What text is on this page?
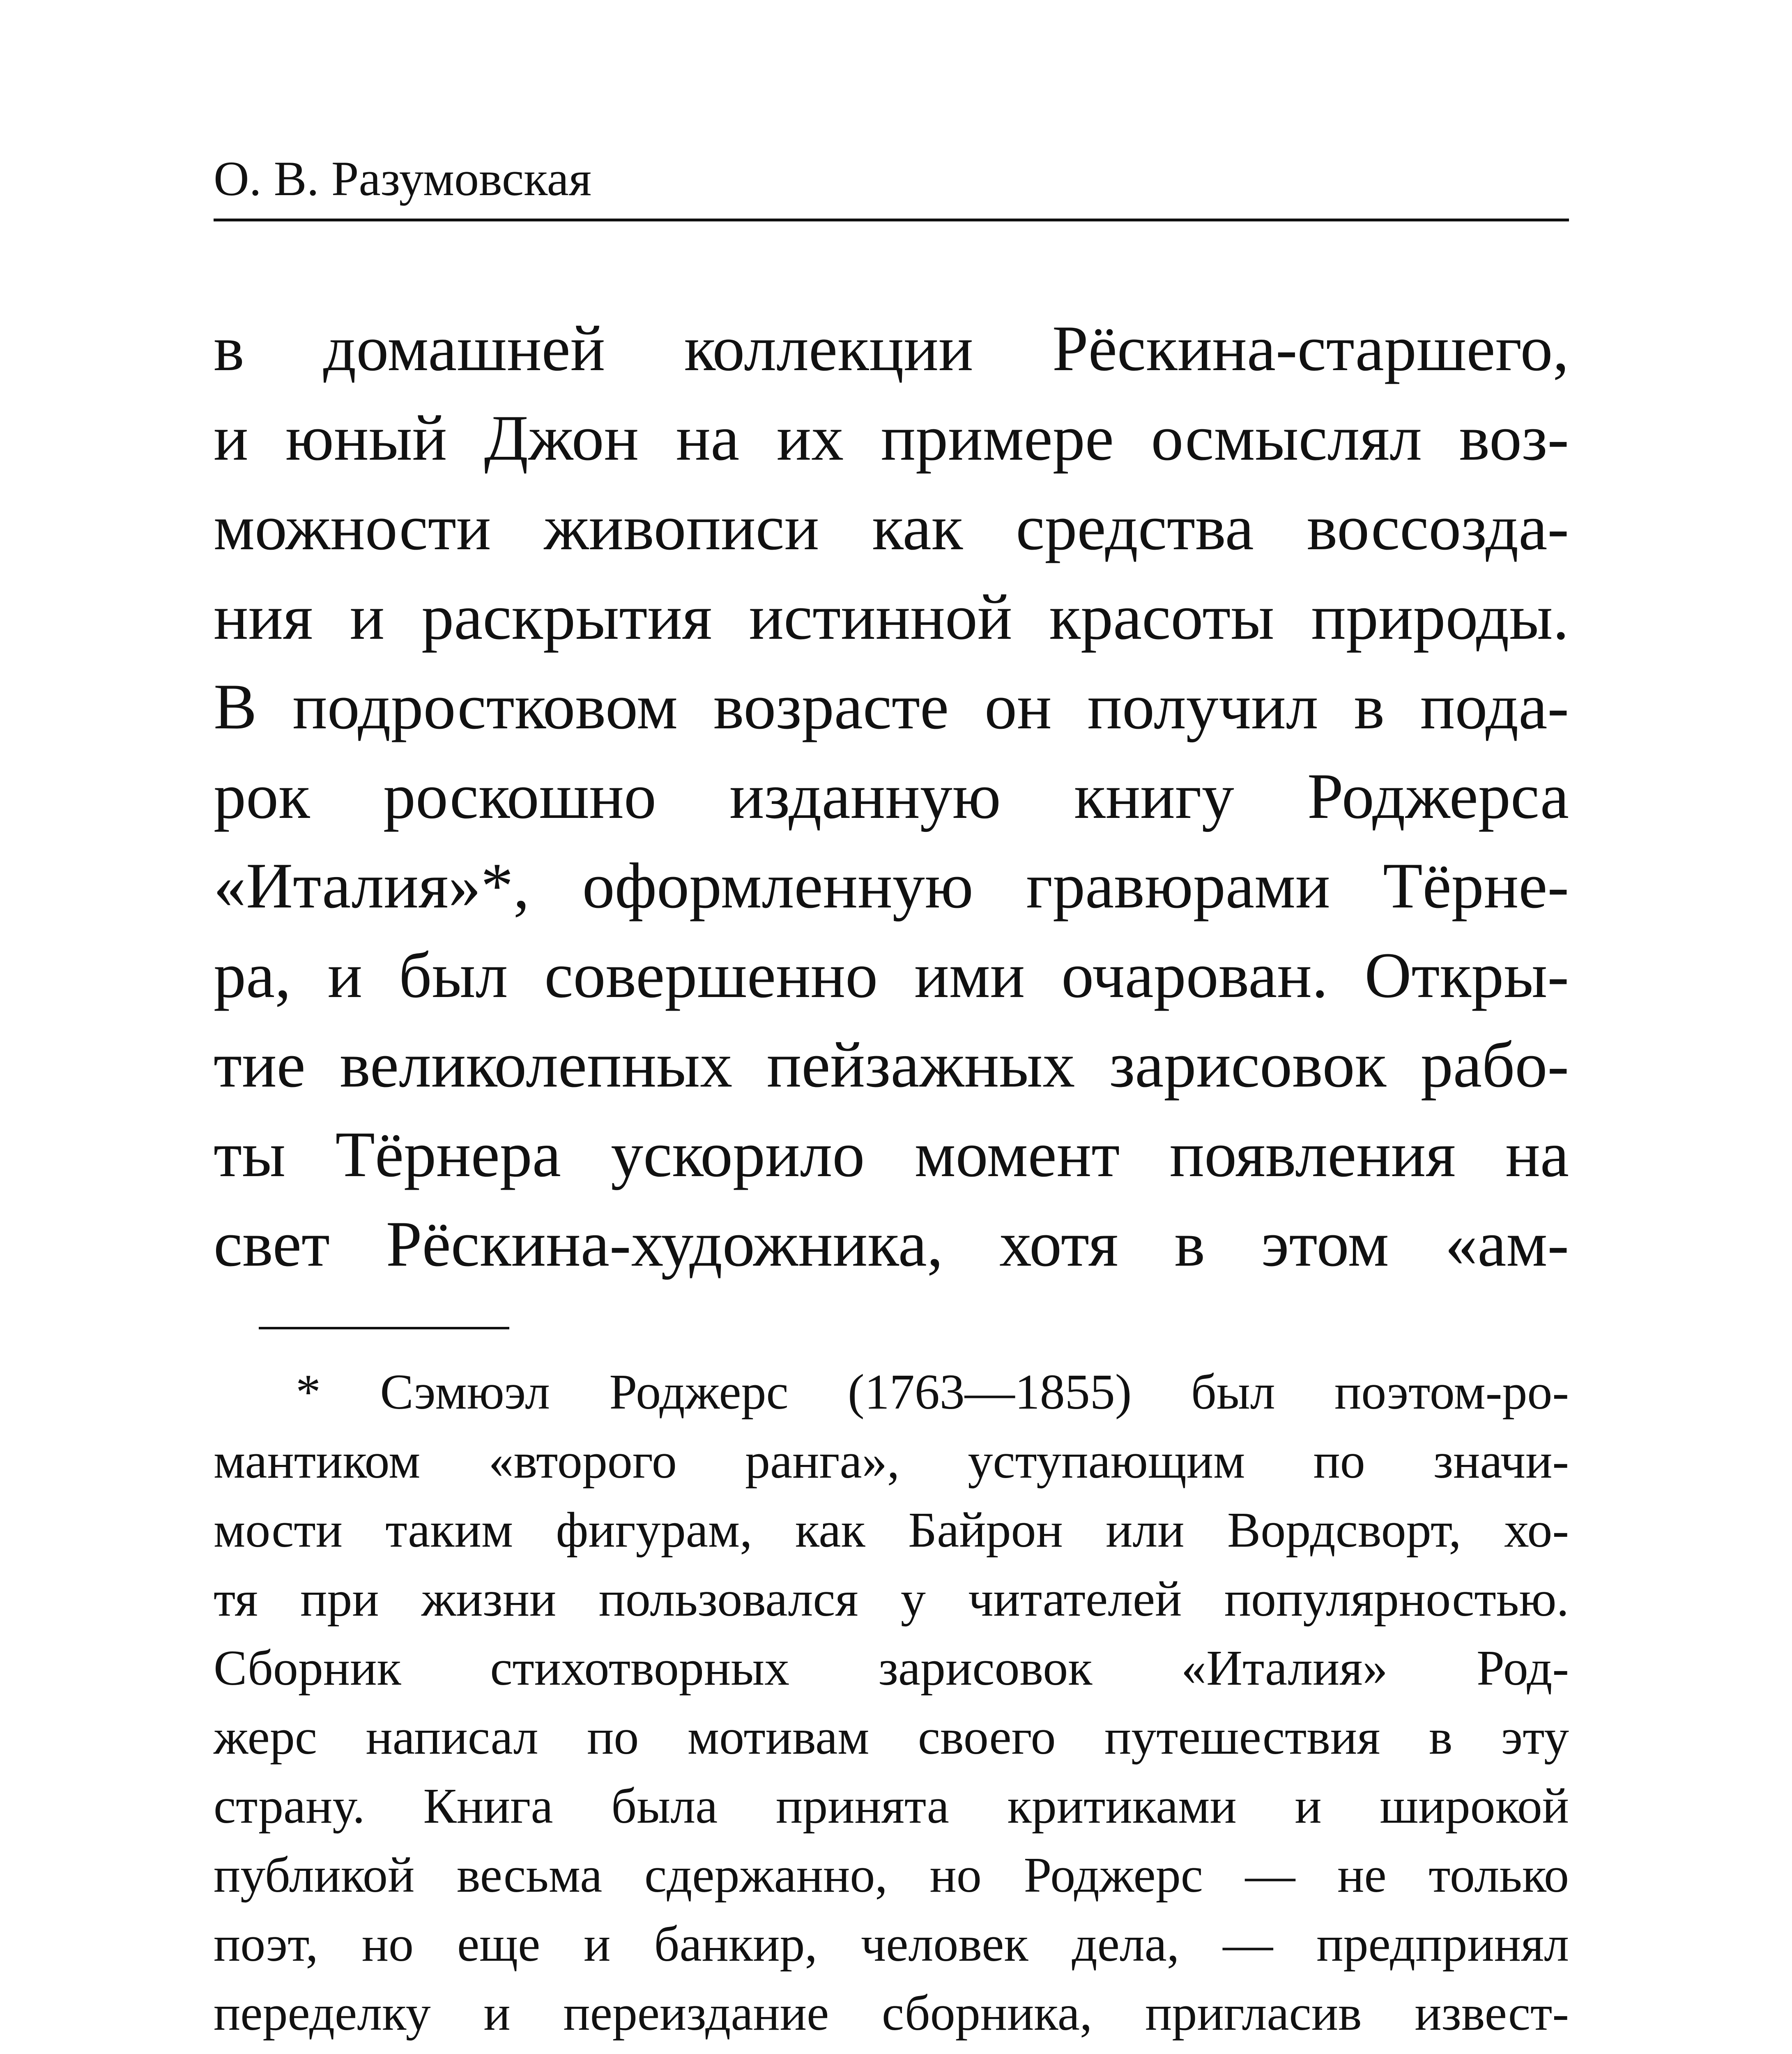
О. В. Разумовская

в домашней коллекции Рёскина-старшего,
и юный Джон на их примере осмыслял воз-
можности живописи как средства воссозда-
ния и раскрытия истинной красоты природы.
В подростковом возрасте он получил в пода-
рок роскошно изданную книгу Роджерса
«Италия»*, оформленную гравюрами Тёрне-
ра, и был совершенно ими очарован. Откры-
тие великолепных пейзажных зарисовок рабо-
ты Тёрнера ускорило момент появления на
свет Рёскина-художника, хотя в этом «ам-
* Сэмюэл Роджерс (1763—1855) был поэтом-ро-
мантиком «второго ранга», уступающим по значи-
мости таким фигурам, как Байрон или Вордсворт, хо-
тя при жизни пользовался у читателей популярностью.
Сборник стихотворных зарисовок «Италия» Род-
жерс написал по мотивам своего путешествия в эту
страну. Книга была принята критиками и широкой
публикой весьма сдержанно, но Роджерс — не только
поэт, но еще и банкир, человек дела, — предпринял
переделку и переиздание сборника, пригласив извест-
